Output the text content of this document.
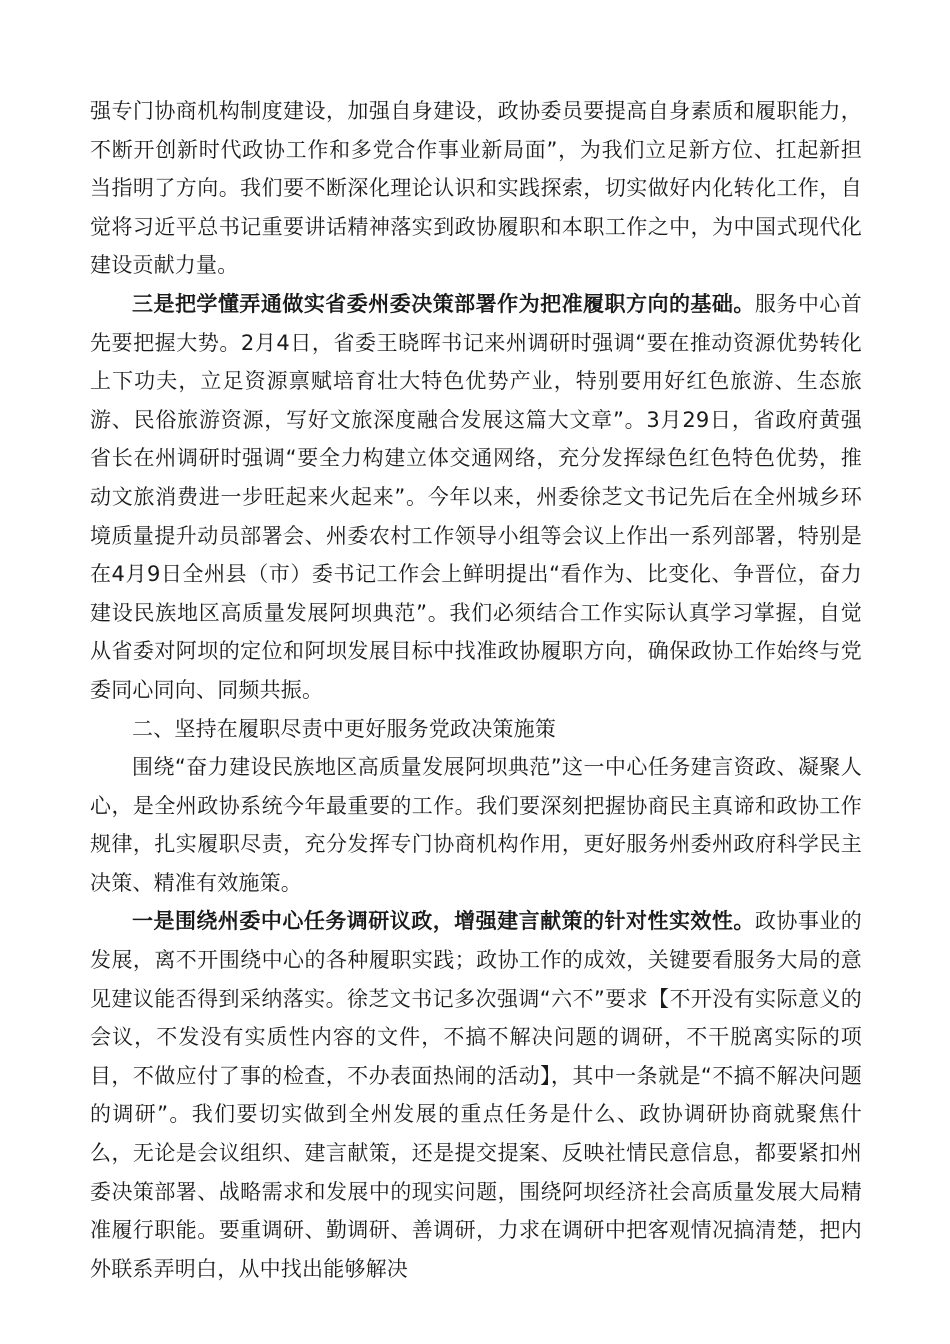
强专门协商机构制度建设，加强自身建设，政协委员要提高自身素质和履职能力，不断开创新时代政协工作和多党合作事业新局面”，为我们立足新方位、扛起新担当指明了方向。我们要不断深化理论认识和实践探索，切实做好内化转化工作，自觉将习近平总书记重要讲话精神落实到政协履职和本职工作之中，为中国式现代化建设贡献力量。

三是把学懂弄通做实省委州委决策部署作为把准履职方向的基础。服务中心首先要把握大势。2月4日，省委王晓晖书记来州调研时强调“要在推动资源优势转化上下功夫，立足资源禀赋培育壮大特色优势产业，特别要用好红色旅游、生态旅游、民俗旅游资源，写好文旅深度融合发展这篇大文章”。3月29日，省政府黄强省长在州调研时强调“要全力构建立体交通网络，充分发挥绿色红色特色优势，推动文旅消费进一步旺起来火起来”。今年以来，州委徐芝文书记先后在全州城乡环境质量提升动员部署会、州委农村工作领导小组等会议上作出一系列部署，特别是在4月9日全州县（市）委书记工作会上鲜明提出“看作为、比变化、争晋位，奋力建设民族地区高质量发展阿坝典范”。我们必须结合工作实际认真学习掌握，自觉从省委对阿坝的定位和阿坝发展目标中找准政协履职方向，确保政协工作始终与党委同心同向、同频共振。

二、坚持在履职尽责中更好服务党政决策施策

围绕“奋力建设民族地区高质量发展阿坝典范”这一中心任务建言资政、凝聚人心，是全州政协系统今年最重要的工作。我们要深刻把握协商民主真谛和政协工作规律，扎实履职尽责，充分发挥专门协商机构作用，更好服务州委州政府科学民主决策、精准有效施策。

一是围绕州委中心任务调研议政，增强建言献策的针对性实效性。政协事业的发展，离不开围绕中心的各种履职实践；政协工作的成效，关键要看服务大局的意见建议能否得到采纳落实。徐芝文书记多次强调“六不”要求【不开没有实际意义的会议，不发没有实质性内容的文件，不搞不解决问题的调研，不干脱离实际的项目，不做应付了事的检查，不办表面热闹的活动】，其中一条就是“不搞不解决问题的调研”。我们要切实做到全州发展的重点任务是什么、政协调研协商就聚焦什么，无论是会议组织、建言献策，还是提交提案、反映社情民意信息，都要紧扣州委决策部署、战略需求和发展中的现实问题，围绕阿坝经济社会高质量发展大局精准履行职能。要重调研、勤调研、善调研，力求在调研中把客观情况搞清楚，把内外联系弄明白，从中找出能够解决
